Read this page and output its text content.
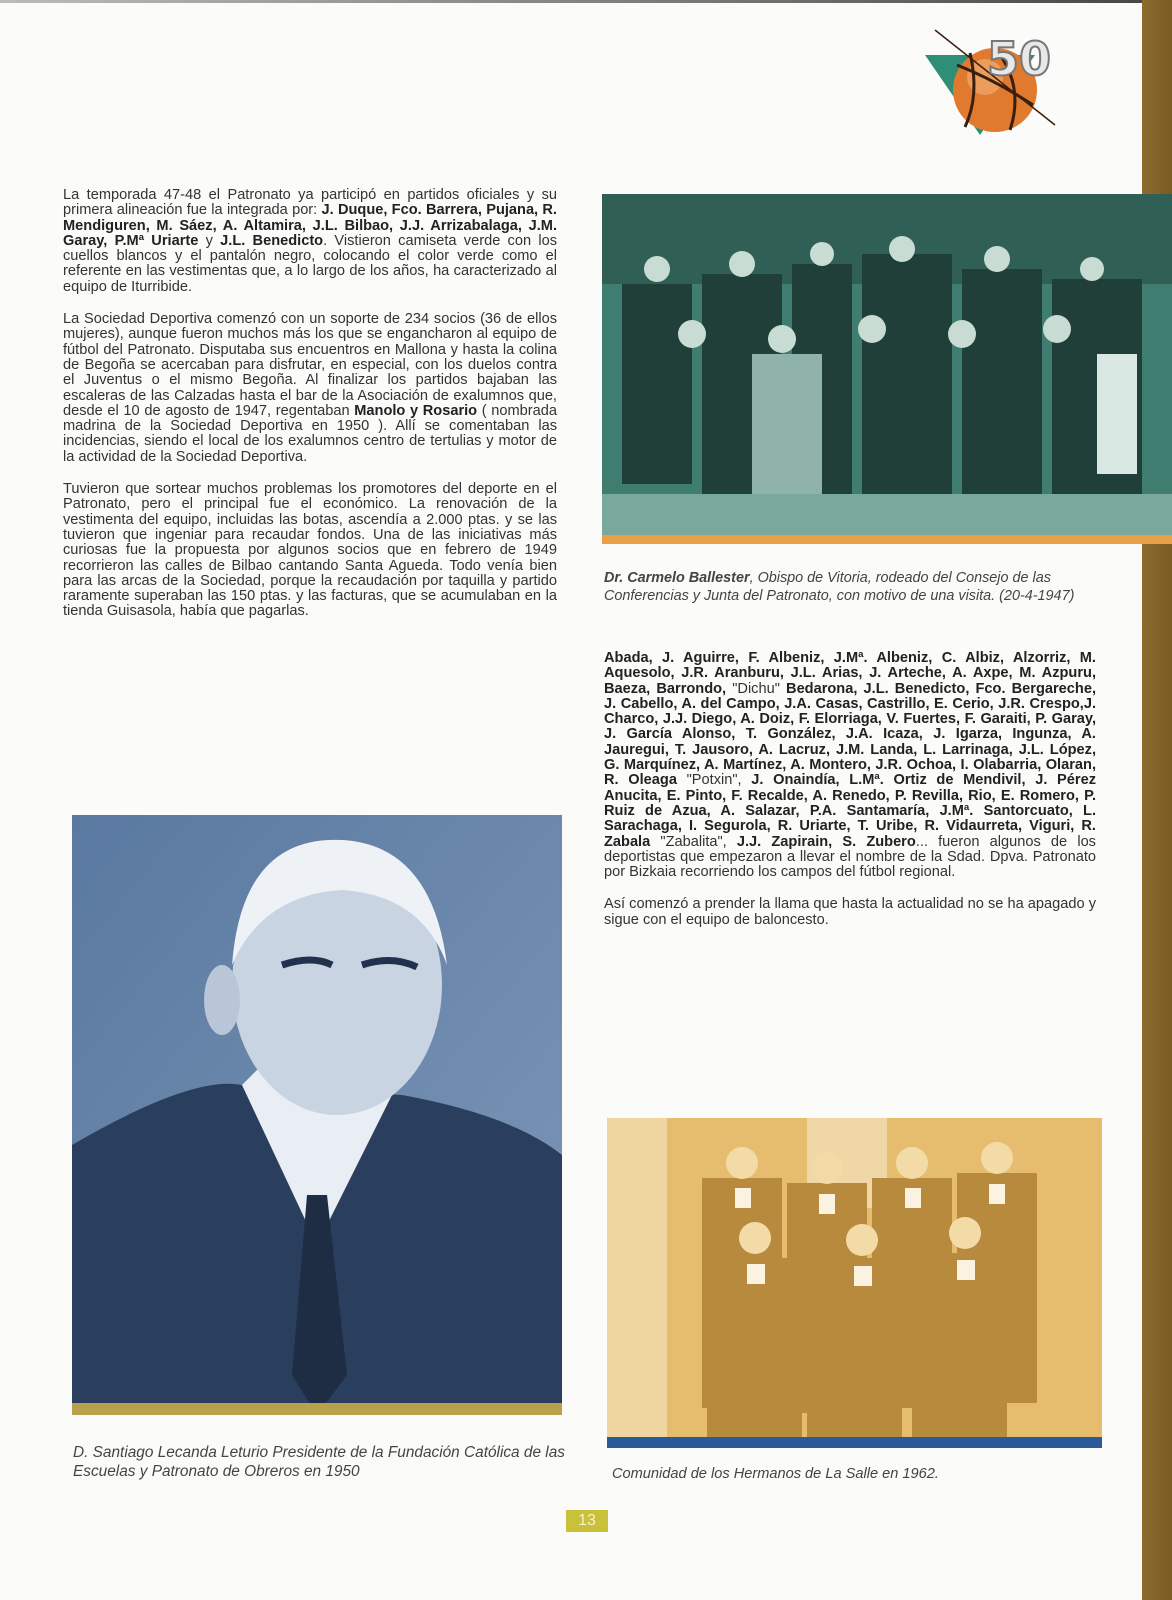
50

La temporada 47-48 el Patronato ya participó en partidos oficiales y su primera alineación fue la integrada por: J. Duque, Fco. Barrera, Pujana, R. Mendiguren, M. Sáez, A. Altamira, J.L. Bilbao, J.J. Arrizabalaga, J.M. Garay, P.Mª Uriarte y J.L. Benedicto. Vistieron camiseta verde con los cuellos blancos y el pantalón negro, colocando el color verde como el referente en las vestimentas que, a lo largo de los años, ha caracterizado al equipo de Iturribide.

La Sociedad Deportiva comenzó con un soporte de 234 socios (36 de ellos mujeres), aunque fueron muchos más los que se engancharon al equipo de fútbol del Patronato. Disputaba sus encuentros en Mallona y hasta la colina de Begoña se acercaban para disfrutar, en especial, con los duelos contra el Juventus o el mismo Begoña. Al finalizar los partidos bajaban las escaleras de las Calzadas hasta el bar de la Asociación de exalumnos que, desde el 10 de agosto de 1947, regentaban Manolo y Rosario ( nombrada madrina de la Sociedad Deportiva en 1950 ). Allí se comentaban las incidencias, siendo el local de los exalumnos centro de tertulias y motor de la actividad de la Sociedad Deportiva.

Tuvieron que sortear muchos problemas los promotores del deporte en el Patronato, pero el principal fue el económico. La renovación de la vestimenta del equipo, incluidas las botas, ascendía a 2.000 ptas. y se las tuvieron que ingeniar para recaudar fondos. Una de las iniciativas más curiosas fue la propuesta por algunos socios que en febrero de 1949 recorrieron las calles de Bilbao cantando Santa Agueda. Todo venía bien para las arcas de la Sociedad, porque la recaudación por taquilla y partido raramente superaban las 150 ptas. y las facturas, que se acumulaban en la tienda Guisasola, había que pagarlas.

Dr. Carmelo Ballester, Obispo de Vitoria, rodeado del Consejo de las Conferencias y Junta del Patronato, con motivo de una visita. (20-4-1947)

Abada, J. Aguirre, F. Albeniz, J.Mª. Albeniz, C. Albiz, Alzorriz, M. Aquesolo, J.R. Aranburu, J.L. Arias, J. Arteche, A. Axpe, M. Azpuru, Baeza, Barrondo, "Dichu" Bedarona, J.L. Benedicto, Fco. Bergareche, J. Cabello, A. del Campo, J.A. Casas, Castrillo, E. Cerio, J.R. Crespo,J. Charco, J.J. Diego, A. Doiz, F. Elorriaga, V. Fuertes, F. Garaiti, P. Garay, J. García Alonso, T. González, J.A. Icaza, J. Igarza, Ingunza, A. Jauregui, T. Jausoro, A. Lacruz, J.M. Landa, L. Larrinaga, J.L. López, G. Marquínez, A. Martínez, A. Montero, J.R. Ochoa, I. Olabarria, Olaran, R. Oleaga "Potxin", J. Onaindía, L.Mª. Ortiz de Mendivil, J. Pérez Anucita, E. Pinto, F. Recalde, A. Renedo, P. Revilla, Rio, E. Romero, P. Ruiz de Azua, A. Salazar, P.A. Santamaría, J.Mª. Santorcuato, L. Sarachaga, I. Segurola, R. Uriarte, T. Uribe, R. Vidaurreta, Viguri, R. Zabala "Zabalita", J.J. Zapirain, S. Zubero... fueron algunos de los deportistas que empezaron a llevar el nombre de la Sdad. Dpva. Patronato por Bizkaia recorriendo los campos del fútbol regional.

Así comenzó a prender la llama que hasta la actualidad no se ha apagado y sigue con el equipo de baloncesto.

D. Santiago Lecanda Leturio Presidente de la Fundación Católica de las Escuelas y Patronato de Obreros en 1950	Comunidad de los Hermanos de La Salle en 1962.
13
